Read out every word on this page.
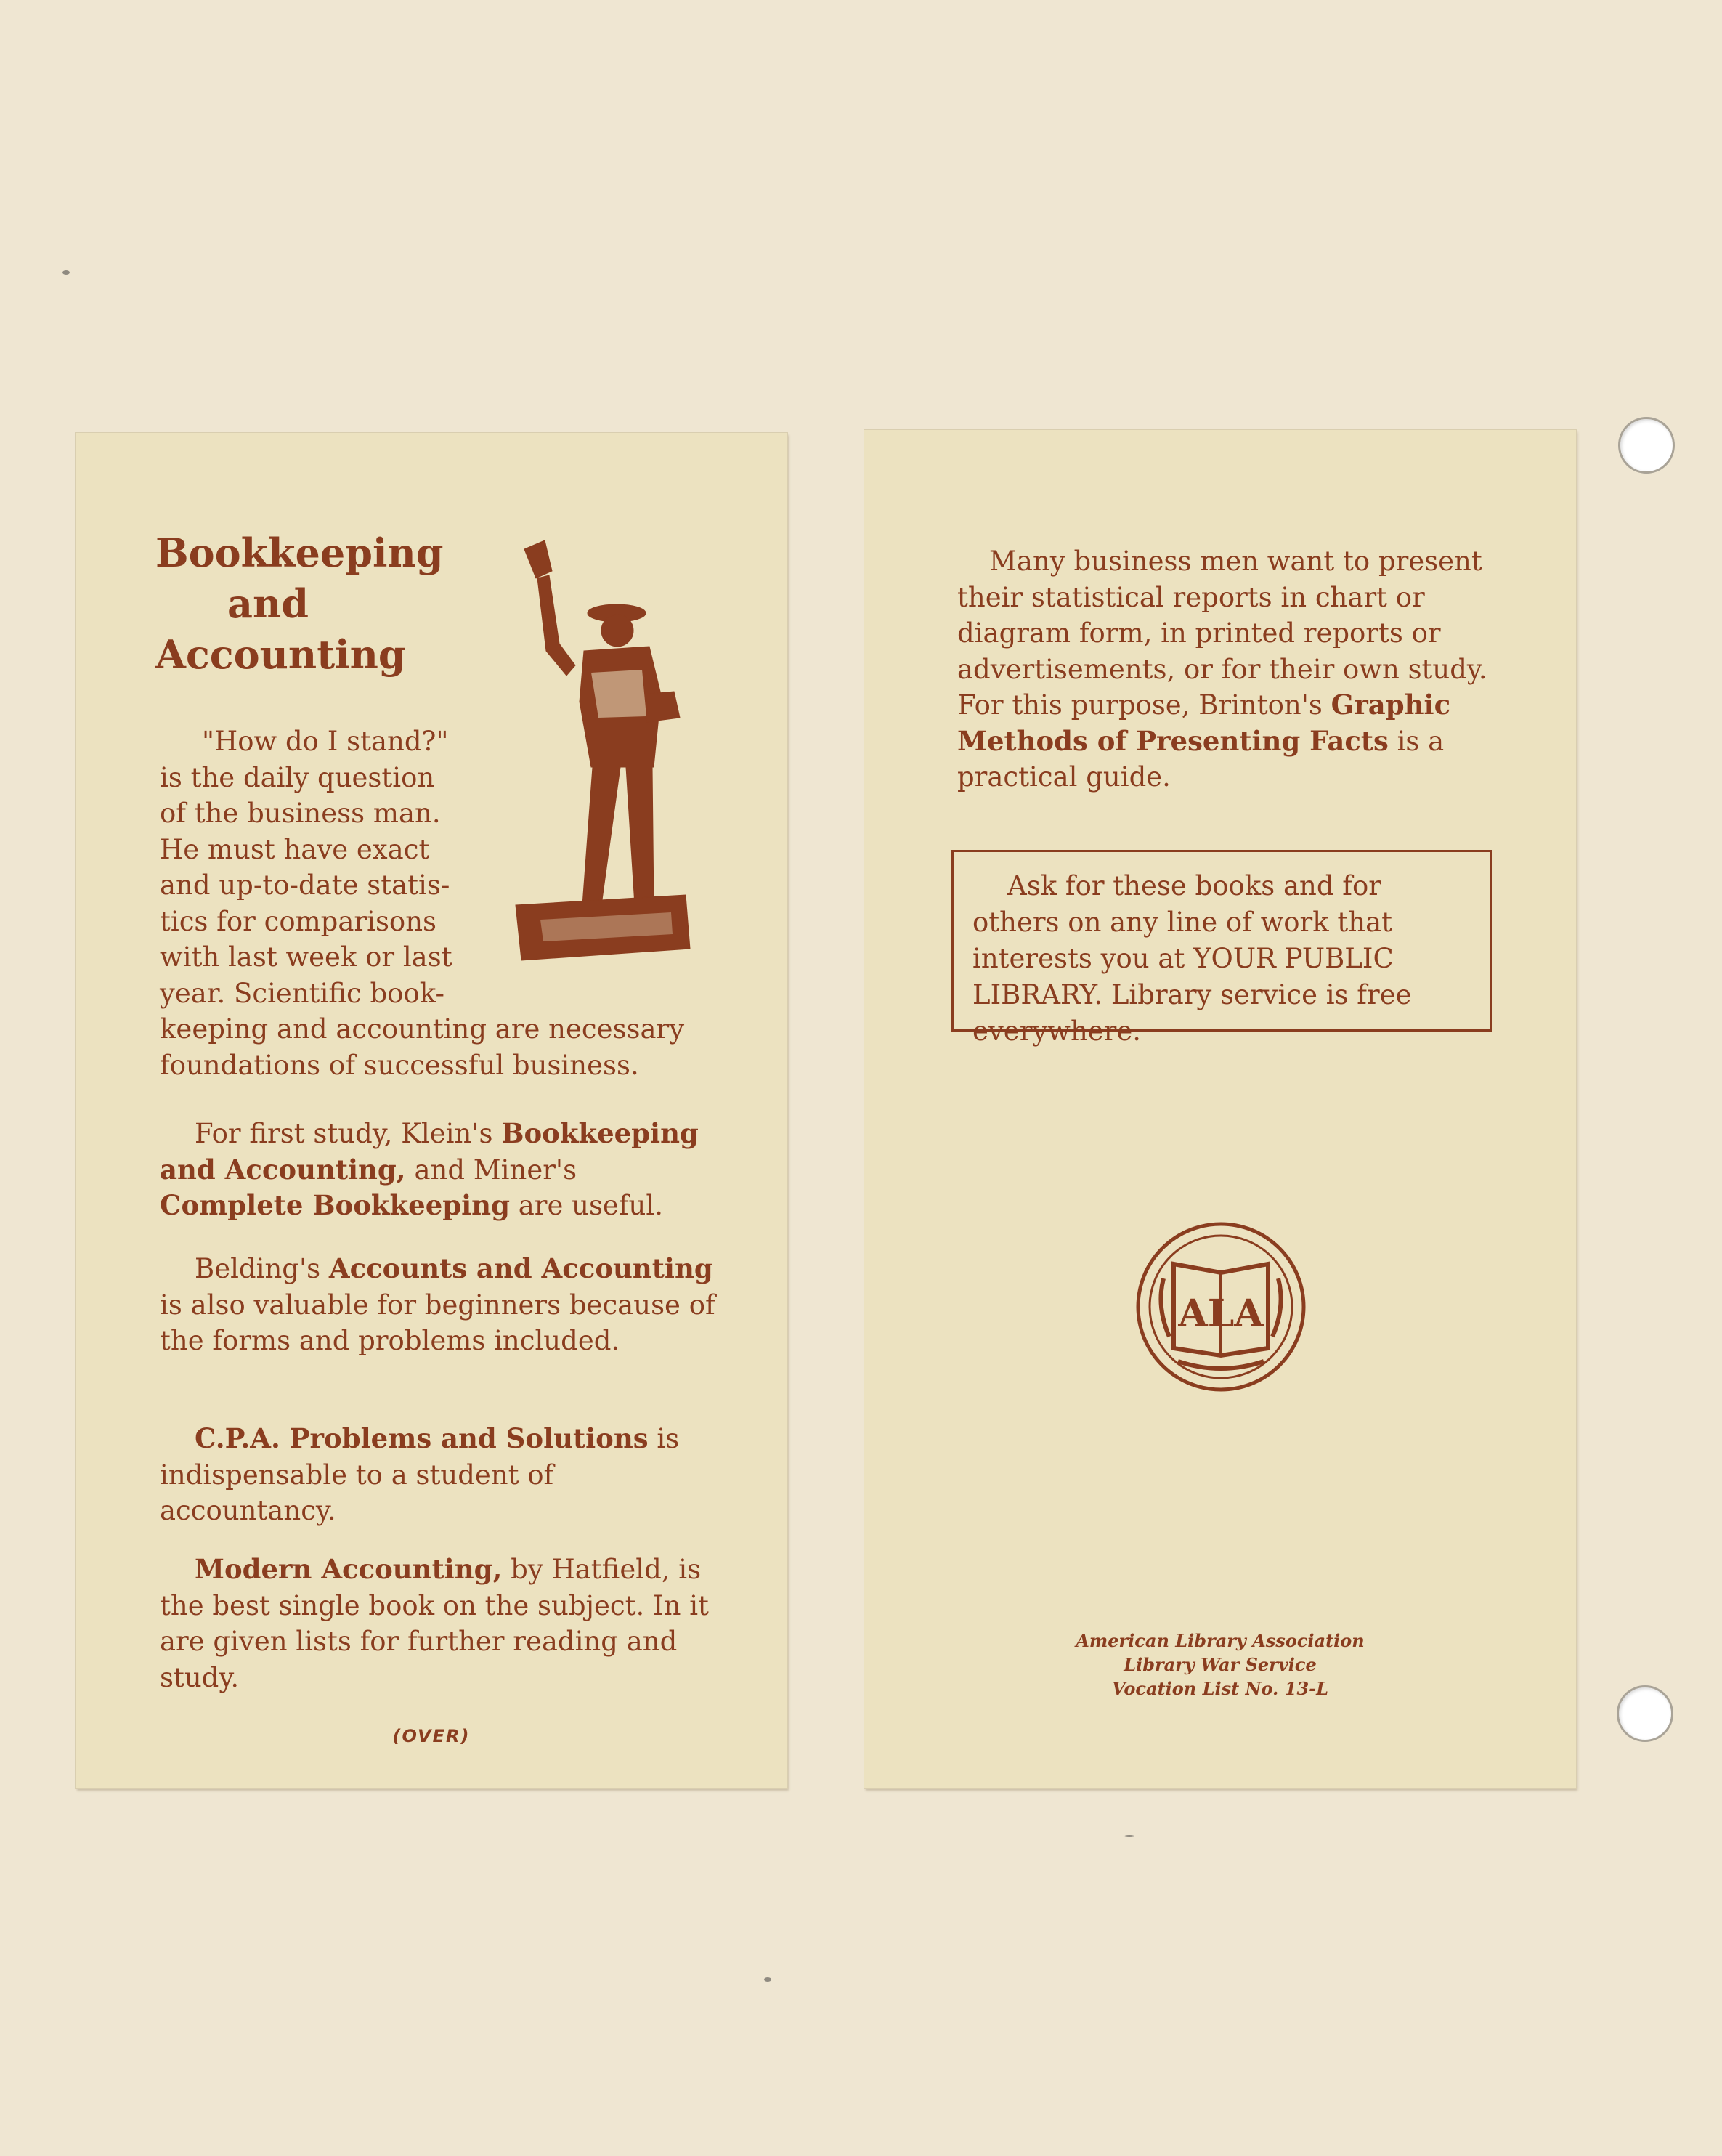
Bookkeeping
and
Accounting
"How do I stand?"
is the daily question
of the business man.
He must have exact
and up-to-date statis-
tics for comparisons
with last week or last
year. Scientific book-

keeping and accounting are necessary foundations of successful business.

For first study, Klein's Bookkeeping and Accounting, and Miner's Complete Bookkeeping are useful.

Belding's Accounts and Accounting is also valuable for beginners because of the forms and problems included.

C.P.A. Problems and Solutions is indispensable to a student of accountancy.

Modern Accounting, by Hatfield, is the best single book on the subject. In it are given lists for further reading and study.

(OVER)

Many business men want to present their statistical reports in chart or diagram form, in printed reports or advertisements, or for their own study. For this purpose, Brinton's Graphic Methods of Presenting Facts is a practical guide.

Ask for these books and for others on any line of work that interests you at YOUR PUBLIC LIBRARY. Library service is free everywhere.

ALA
American Library Association
Library War Service
Vocation List No. 13-L
